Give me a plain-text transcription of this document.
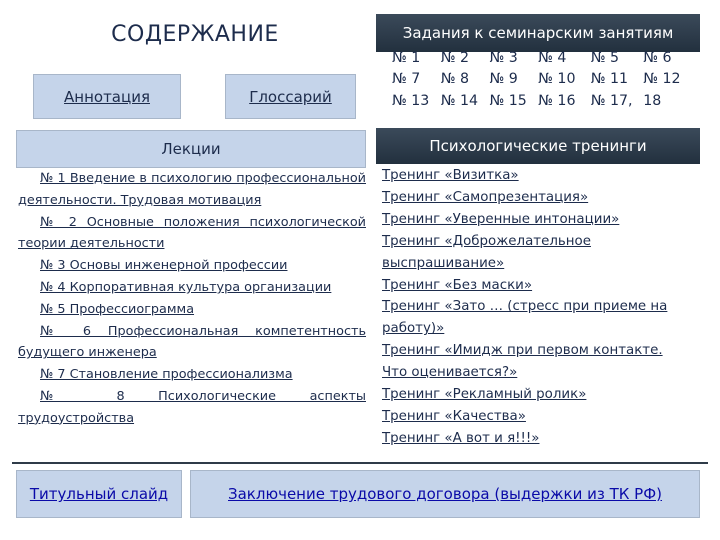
СОДЕРЖАНИЕ
Аннотация	Глоссарий
Задания к семинарским занятиям
№ 1	№ 2	№ 3	№ 4	№ 5	№ 6
№ 7	№ 8	№ 9	№ 10	№ 11	№ 12
№ 13 № 14 № 15 № 16	№ 17, 18
Лекции

№ 1 Введение в психологию профессиональной деятельности. Трудовая мотивация

№ 2 Основные положения психологической теории деятельности

№ 3 Основы инженерной профессии

№ 4 Корпоративная культура организации

№ 5 Профессиограмма

№ 6 Профессиональная компетентность будущего инженера

№ 7 Становление профессионализма

№ 8 Психологические аспекты трудоустройства

Психологические тренинги

Тренинг «Визитка»

Тренинг «Самопрезентация»

Тренинг «Уверенные интонации»

Тренинг «Доброжелательное выспрашивание»

Тренинг «Без маски»

Тренинг «Зато … (стресс при приеме на работу)»

Тренинг «Имидж при первом контакте. Что оценивается?»

Тренинг «Рекламный ролик»

Тренинг «Качества»

Тренинг «А вот и я!!!»

Титульный слайд	Заключение трудового договора (выдержки из ТК РФ)
